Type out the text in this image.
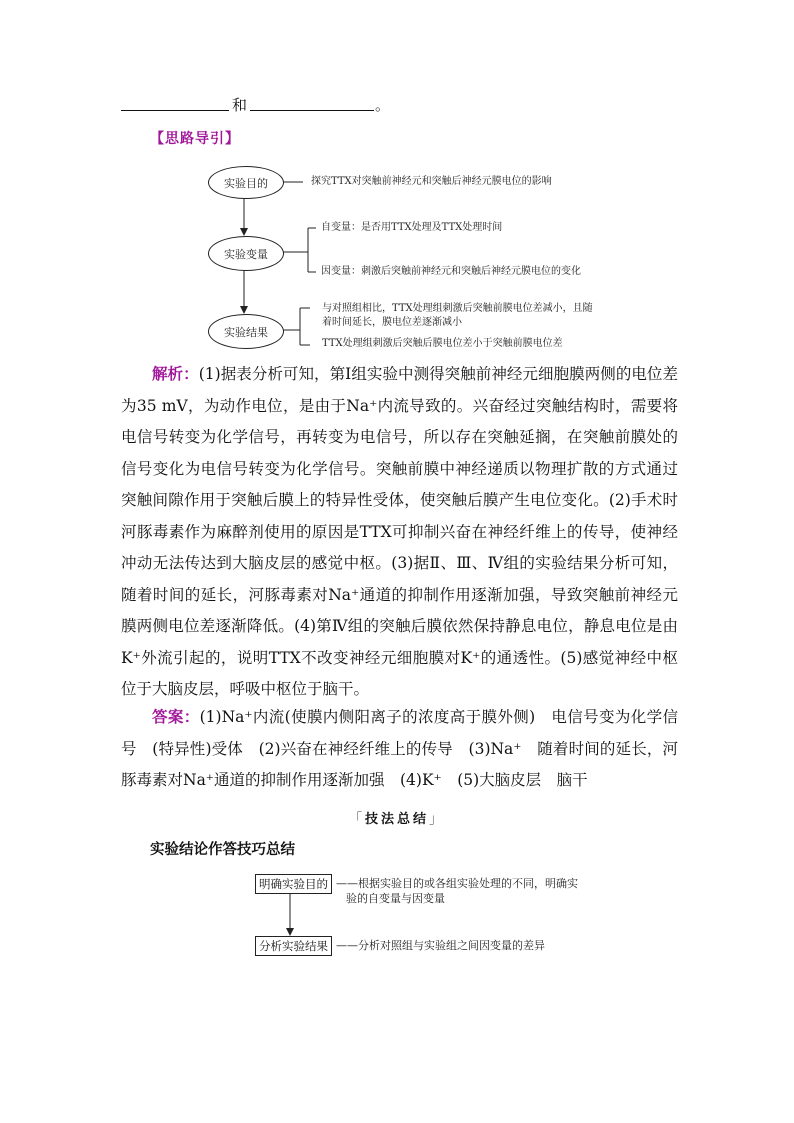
和	。
【思路导引】
实验目的
实验变量
实验结果
探究TTX对突触前神经元和突触后神经元膜电位的影响
自变量：是否用TTX处理及TTX处理时间
因变量：刺激后突触前神经元和突触后神经元膜电位的变化
与对照组相比，TTX处理组刺激后突触前膜电位差减小，且随
着时间延长，膜电位差逐渐减小
TTX处理组刺激后突触后膜电位差小于突触前膜电位差

解析：(1)据表分析可知，第Ⅰ组实验中测得突触前神经元细胞膜两侧的电位差为35 mV，为动作电位，是由于Na⁺内流导致的。兴奋经过突触结构时，需要将电信号转变为化学信号，再转变为电信号，所以存在突触延搁，在突触前膜处的信号变化为电信号转变为化学信号。突触前膜中神经递质以物理扩散的方式通过突触间隙作用于突触后膜上的特异性受体，使突触后膜产生电位变化。(2)手术时河豚毒素作为麻醉剂使用的原因是TTX可抑制兴奋在神经纤维上的传导，使神经冲动无法传达到大脑皮层的感觉中枢。(3)据Ⅱ、Ⅲ、Ⅳ组的实验结果分析可知，随着时间的延长，河豚毒素对Na⁺通道的抑制作用逐渐加强，导致突触前神经元膜两侧电位差逐渐降低。(4)第Ⅳ组的突触后膜依然保持静息电位，静息电位是由K⁺外流引起的，说明TTX不改变神经元细胞膜对K⁺的通透性。(5)感觉神经中枢位于大脑皮层，呼吸中枢位于脑干。

答案：(1)Na⁺内流(使膜内侧阳离子的浓度高于膜外侧)　电信号变为化学信号　(特异性)受体　(2)兴奋在神经纤维上的传导　(3)Na⁺　随着时间的延长，河豚毒素对Na⁺通道的抑制作用逐渐加强　(4)K⁺　(5)大脑皮层　脑干

「技法总结」
实验结论作答技巧总结
明确实验目的 ——根据实验目的或各组实验处理的不同，明确实
验的自变量与因变量
分析实验结果 ——分析对照组与实验组之间因变量的差异
